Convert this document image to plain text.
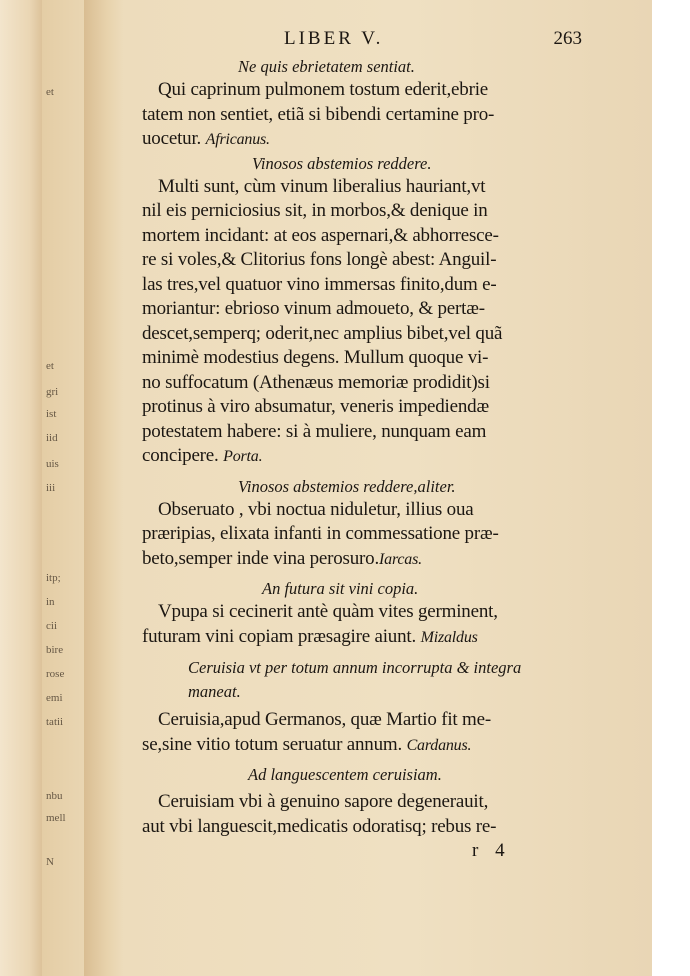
et
et
gri
ist
iid
uis
iii
itp;
in
cii
bire
rose
emi
tatii
nbu
mell
N
LIBER V.	263
Ne quis ebrietatem sentiat.
Qui caprinum pulmonem tostum ederit,ebrie
tatem non sentiet, etiã si bibendi certamine pro-
uocetur. Africanus.
Vinosos abstemios reddere.
Multi sunt, cùm vinum liberalius hauriant,vt
nil eis perniciosius sit, in morbos,& denique in
mortem incidant: at eos aspernari,& abhorresce-
re si voles,& Clitorius fons longè abest: Anguil-
las tres,vel quatuor vino immersas finito,dum e-
moriantur: ebrioso vinum admoueto, & pertæ-
descet,semperq; oderit,nec amplius bibet,vel quã
minimè modestius degens. Mullum quoque vi-
no suffocatum (Athenæus memoriæ prodidit)si
protinus à viro absumatur, veneris impediendæ
potestatem habere: si à muliere, nunquam eam
concipere. Porta.
Vinosos abstemios reddere,aliter.
Obseruato , vbi noctua niduletur, illius oua
præripias, elixata infanti in commessatione præ-
beto,semper inde vina perosuro.Iarcas.
An futura sit vini copia.
Vpupa si cecinerit antè quàm vites germinent,
futuram vini copiam præsagire aiunt. Mizaldus
Ceruisia vt per totum annum incorrupta & integra maneat.
Ceruisia,apud Germanos, quæ Martio fit me-
se,sine vitio totum seruatur annum. Cardanus.
Ad languescentem ceruisiam.
Ceruisiam vbi à genuino sapore degenerauit,
aut vbi languescit,medicatis odoratisq; rebus re-
r 4
